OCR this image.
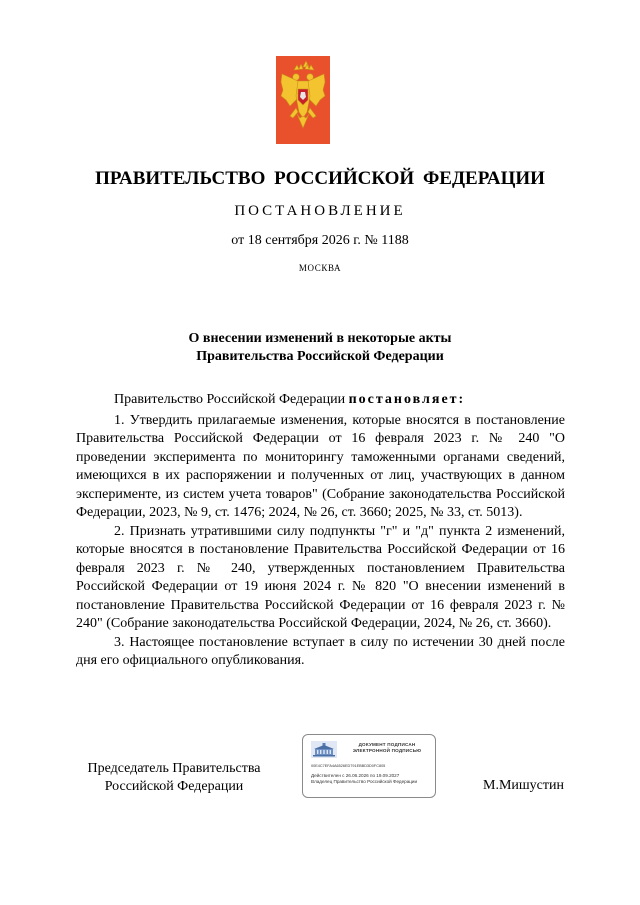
ПРАВИТЕЛЬСТВО РОССИЙСКОЙ ФЕДЕРАЦИИ
ПОСТАНОВЛЕНИЕ
от 18 сентября 2026 г. № 1188
МОСКВА
О внесении изменений в некоторые акты
Правительства Российской Федерации

Правительство Российской Федерации постановляет:

1. Утвердить прилагаемые изменения, которые вносятся в постановление Правительства Российской Федерации от 16 февраля 2023 г. № 240 "О проведении эксперимента по мониторингу таможенными органами сведений, имеющихся в их распоряжении и полученных от лиц, участвующих в данном эксперименте, из систем учета товаров" (Собрание законодательства Российской Федерации, 2023, № 9, ст. 1476; 2024, № 26, ст. 3660; 2025, № 33, ст. 5013).

2. Признать утратившими силу подпункты "г" и "д" пункта 2 изменений, которые вносятся в постановление Правительства Российской Федерации от 16 февраля 2023 г. № 240, утвержденных постановлением Правительства Российской Федерации от 19 июня 2024 г. № 820 "О внесении изменений в постановление Правительства Российской Федерации от 16 февраля 2023 г. № 240" (Собрание законодательства Российской Федерации, 2024, № 26, ст. 3660).

3. Настоящее постановление вступает в силу по истечении 30 дней после дня его официального опубликования.

Председатель Правительства
Российской Федерации
ДОКУМЕНТ ПОДПИСАН
ЭЛЕКТРОННОЙ ПОДПИСЬЮ
00E4C7EFA4A6526ED791EBBD3D0FC805
Действителен с 26.06.2026 по 19.09.2027
Владелец Правительство Российской Федерации	М.Мишустин
